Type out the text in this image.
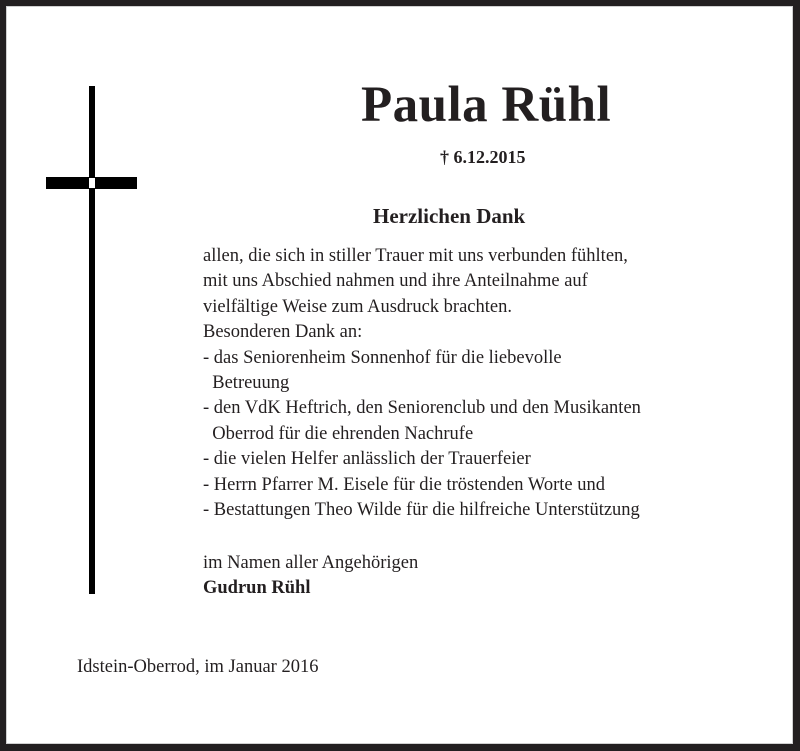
Paula Rühl
† 6.12.2015
Herzlichen Dank
allen, die sich in stiller Trauer mit uns verbunden fühlten,
mit uns Abschied nahmen und ihre Anteilnahme auf
vielfältige Weise zum Ausdruck brachten.
Besonderen Dank an:
- das Seniorenheim Sonnenhof für die liebevolle
Betreuung
- den VdK Heftrich, den Seniorenclub und den Musikanten
Oberrod für die ehrenden Nachrufe
- die vielen Helfer anlässlich der Trauerfeier
- Herrn Pfarrer M. Eisele für die tröstenden Worte und
- Bestattungen Theo Wilde für die hilfreiche Unterstützung
im Namen aller Angehörigen
Gudrun Rühl
Idstein-Oberrod, im Januar 2016
